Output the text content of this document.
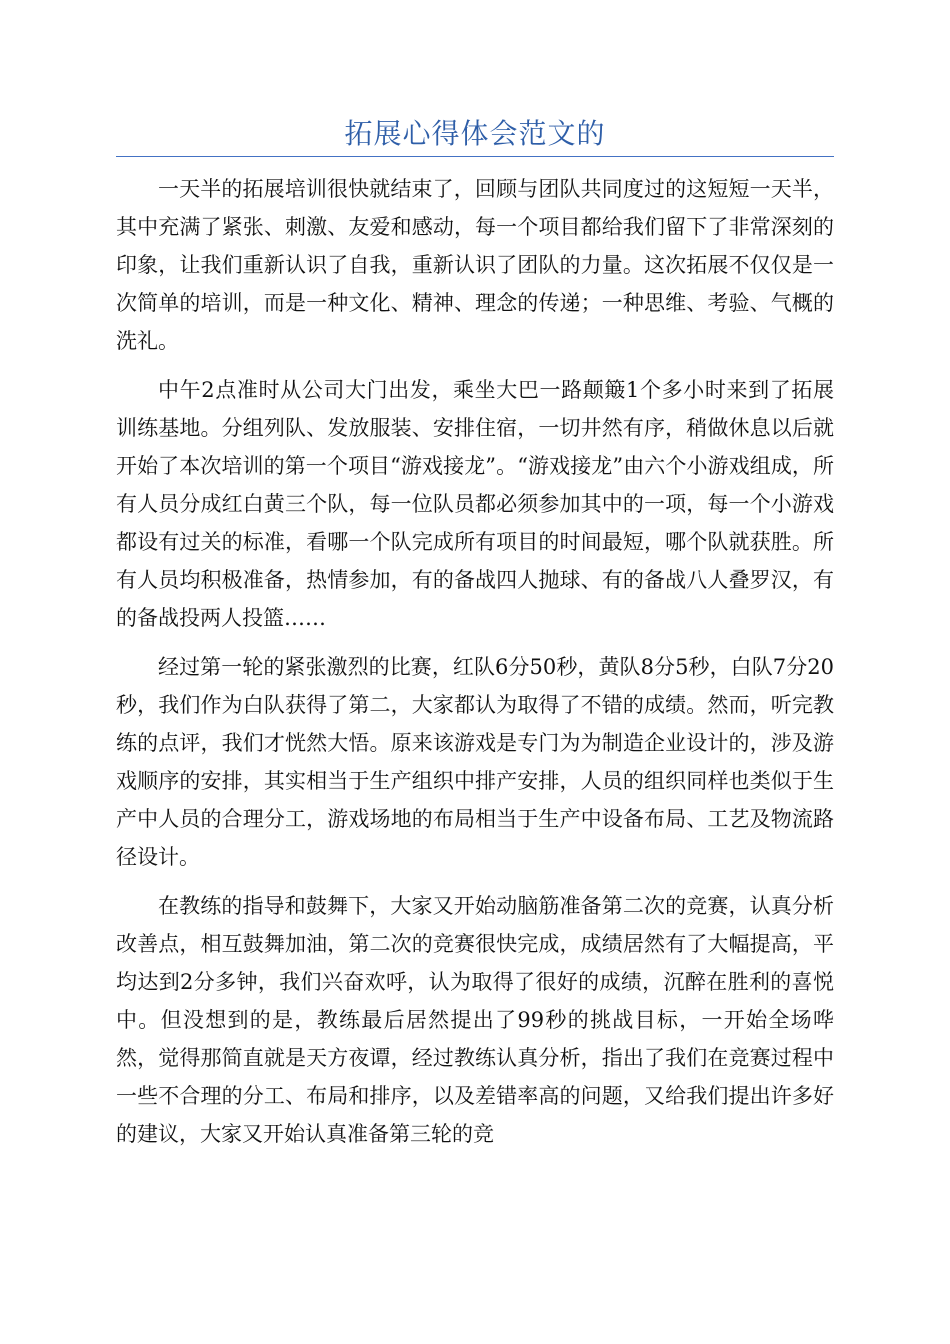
拓展心得体会范文的

一天半的拓展培训很快就结束了，回顾与团队共同度过的这短短一天半，其中充满了紧张、刺激、友爱和感动，每一个项目都给我们留下了非常深刻的印象，让我们重新认识了自我，重新认识了团队的力量。这次拓展不仅仅是一次简单的培训，而是一种文化、精神、理念的传递；一种思维、考验、气概的洗礼。

中午2点准时从公司大门出发，乘坐大巴一路颠簸1个多小时来到了拓展训练基地。分组列队、发放服装、安排住宿，一切井然有序，稍做休息以后就开始了本次培训的第一个项目“游戏接龙”。“游戏接龙”由六个小游戏组成，所有人员分成红白黄三个队，每一位队员都必须参加其中的一项，每一个小游戏都设有过关的标准，看哪一个队完成所有项目的时间最短，哪个队就获胜。所有人员均积极准备，热情参加，有的备战四人抛球、有的备战八人叠罗汉，有的备战投两人投篮……

经过第一轮的紧张激烈的比赛，红队6分50秒，黄队8分5秒，白队7分20秒，我们作为白队获得了第二，大家都认为取得了不错的成绩。然而，听完教练的点评，我们才恍然大悟。原来该游戏是专门为为制造企业设计的，涉及游戏顺序的安排，其实相当于生产组织中排产安排，人员的组织同样也类似于生产中人员的合理分工，游戏场地的布局相当于生产中设备布局、工艺及物流路径设计。

在教练的指导和鼓舞下，大家又开始动脑筋准备第二次的竞赛，认真分析改善点，相互鼓舞加油，第二次的竞赛很快完成，成绩居然有了大幅提高，平均达到2分多钟，我们兴奋欢呼，认为取得了很好的成绩，沉醉在胜利的喜悦中。但没想到的是，教练最后居然提出了99秒的挑战目标，一开始全场哗然，觉得那简直就是天方夜谭，经过教练认真分析，指出了我们在竞赛过程中一些不合理的分工、布局和排序，以及差错率高的问题，又给我们提出许多好的建议，大家又开始认真准备第三轮的竞
